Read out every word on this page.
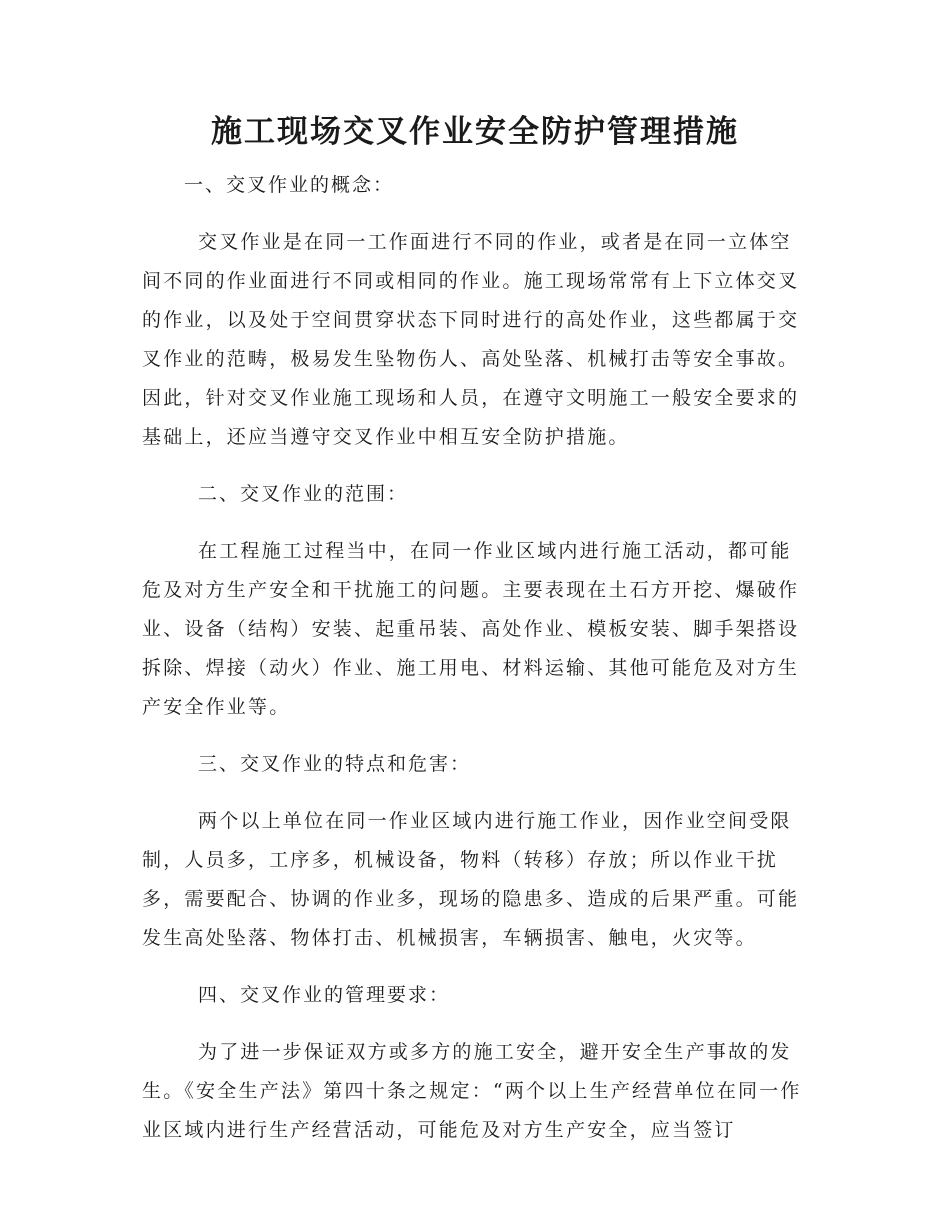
施工现场交叉作业安全防护管理措施

一、交叉作业的概念：

交叉作业是在同一工作面进行不同的作业，或者是在同一立体空间不同的作业面进行不同或相同的作业。施工现场常常有上下立体交叉的作业，以及处于空间贯穿状态下同时进行的高处作业，这些都属于交叉作业的范畴，极易发生坠物伤人、高处坠落、机械打击等安全事故。因此，针对交叉作业施工现场和人员，在遵守文明施工一般安全要求的基础上，还应当遵守交叉作业中相互安全防护措施。

二、交叉作业的范围：

在工程施工过程当中，在同一作业区域内进行施工活动，都可能危及对方生产安全和干扰施工的问题。主要表现在土石方开挖、爆破作业、设备（结构）安装、起重吊装、高处作业、模板安装、脚手架搭设拆除、焊接（动火）作业、施工用电、材料运输、其他可能危及对方生产安全作业等。

三、交叉作业的特点和危害：

两个以上单位在同一作业区域内进行施工作业，因作业空间受限制，人员多，工序多，机械设备，物料（转移）存放；所以作业干扰多，需要配合、协调的作业多，现场的隐患多、造成的后果严重。可能发生高处坠落、物体打击、机械损害，车辆损害、触电，火灾等。

四、交叉作业的管理要求：

为了进一步保证双方或多方的施工安全，避开安全生产事故的发生。《安全生产法》第四十条之规定：“两个以上生产经营单位在同一作业区域内进行生产经营活动，可能危及对方生产安全，应当签订
